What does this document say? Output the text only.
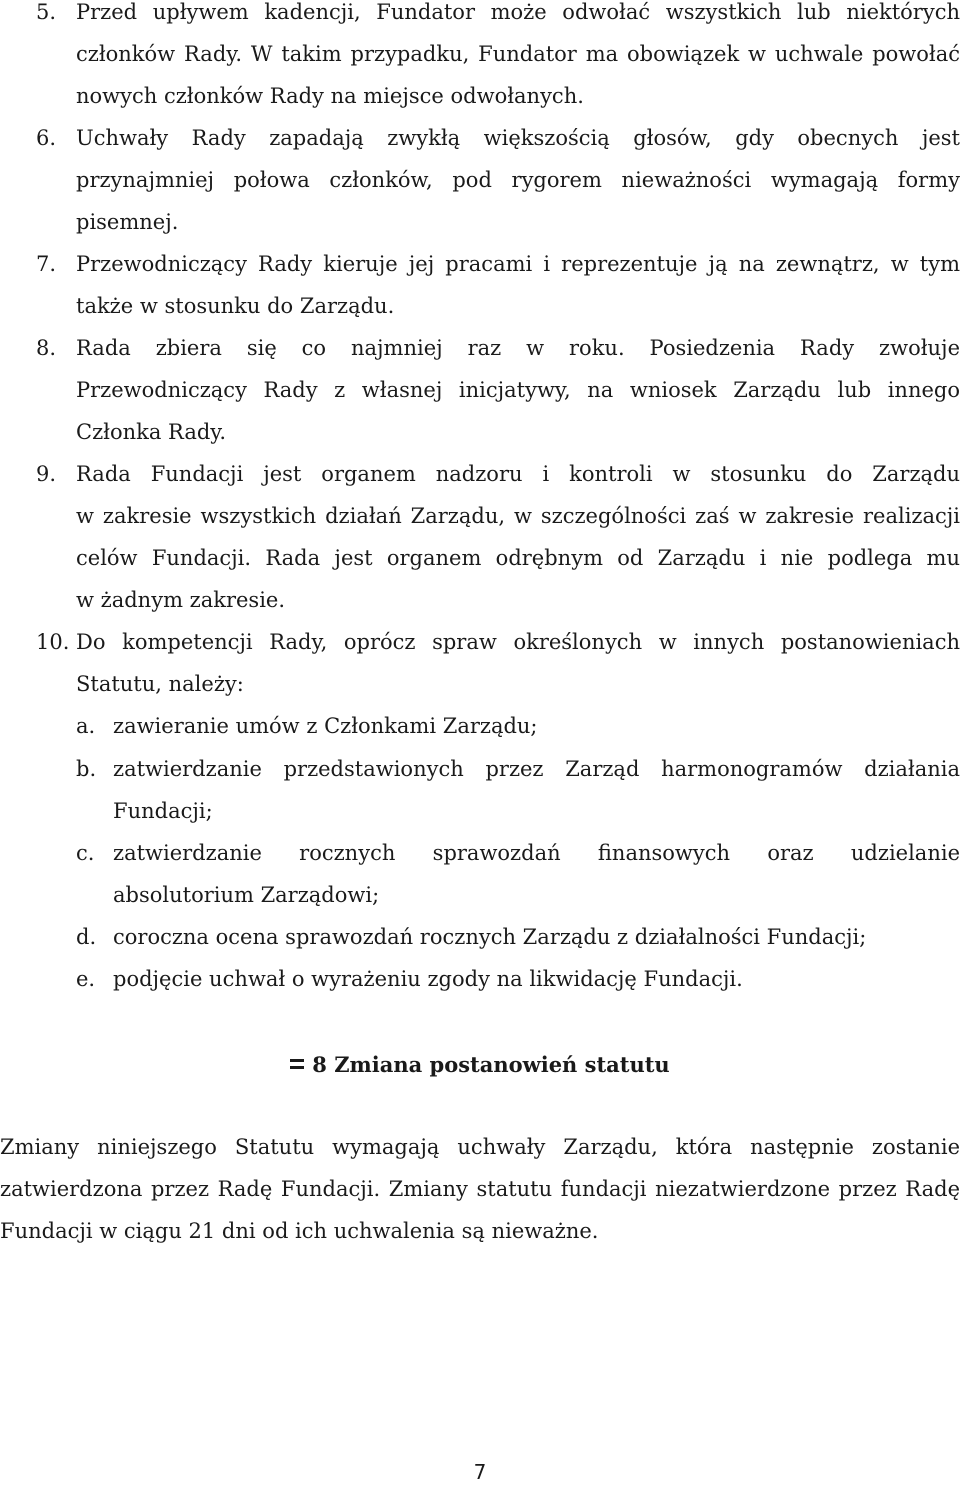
5. Przed upływem kadencji, Fundator może odwołać wszystkich lub niektórych
członków Rady. W takim przypadku, Fundator ma obowiązek w uchwale powołać
nowych członków Rady na miejsce odwołanych.
6. Uchwały Rady zapadają zwykłą większością głosów, gdy obecnych jest
przynajmniej połowa członków, pod rygorem nieważności wymagają formy
pisemnej.
7. Przewodniczący Rady kieruje jej pracami i reprezentuje ją na zewnątrz, w tym
także w stosunku do Zarządu.
8. Rada zbiera się co najmniej raz w roku. Posiedzenia Rady zwołuje
Przewodniczący Rady z własnej inicjatywy, na wniosek Zarządu lub innego
Członka Rady.
9. Rada Fundacji jest organem nadzoru i kontroli w stosunku do Zarządu
w zakresie wszystkich działań Zarządu, w szczególności zaś w zakresie realizacji
celów Fundacji. Rada jest organem odrębnym od Zarządu i nie podlega mu
w żadnym zakresie.
10. Do kompetencji Rady, oprócz spraw określonych w innych postanowieniach
Statutu, należy:
a. zawieranie umów z Członkami Zarządu;
b. zatwierdzanie przedstawionych przez Zarząd harmonogramów działania
Fundacji;
c. zatwierdzanie rocznych sprawozdań finansowych oraz udzielanie
absolutorium Zarządowi;
d. coroczna ocena sprawozdań rocznych Zarządu z działalności Fundacji;
e. podjęcie uchwał o wyrażeniu zgody na likwidację Fundacji.
8 Zmiana postanowień statutu
Zmiany niniejszego Statutu wymagają uchwały Zarządu, która następnie zostanie
zatwierdzona przez Radę Fundacji. Zmiany statutu fundacji niezatwierdzone przez Radę
Fundacji w ciągu 21 dni od ich uchwalenia są nieważne.
7
